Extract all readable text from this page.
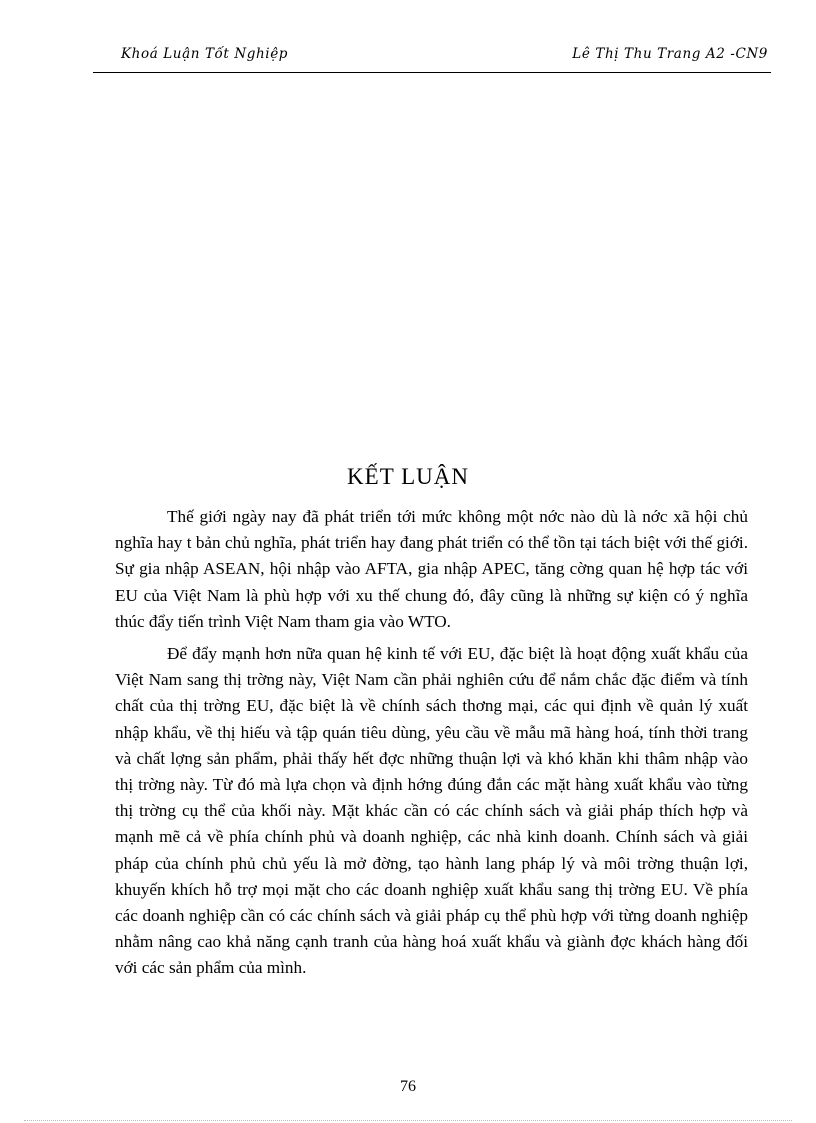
Khoá Luận Tốt Nghiệp	Lê Thị Thu Trang A2 -CN9
KẾT LUẬN

Thế giới ngày nay đã phát triển tới mức không một nớc nào dù là nớc xã hội chủ nghĩa hay t bản chủ nghĩa, phát triển hay đang phát triển có thể tồn tại tách biệt với thế giới. Sự gia nhập ASEAN, hội nhập vào AFTA, gia nhập APEC, tăng cờng quan hệ hợp tác với EU của Việt Nam là phù hợp với xu thế chung đó, đây cũng là những sự kiện có ý nghĩa thúc đẩy tiến trình Việt Nam tham gia vào WTO.

Để đẩy mạnh hơn nữa quan hệ kinh tế với EU, đặc biệt là hoạt động xuất khẩu của Việt Nam sang thị trờng này, Việt Nam cần phải nghiên cứu để nắm chắc đặc điểm và tính chất của thị trờng EU, đặc biệt là về chính sách thơng mại, các qui định về quản lý xuất nhập khẩu, về thị hiếu và tập quán tiêu dùng, yêu cầu về mẫu mã hàng hoá, tính thời trang và chất lợng sản phẩm, phải thấy hết đợc những thuận lợi và khó khăn khi thâm nhập vào thị trờng này. Từ đó mà lựa chọn và định hớng đúng đắn các mặt hàng xuất khẩu vào từng thị trờng cụ thể của khối này. Mặt khác cần có các chính sách và giải pháp thích hợp và mạnh mẽ cả về phía chính phủ và doanh nghiệp, các nhà kinh doanh. Chính sách và giải pháp của chính phủ chủ yếu là mở đờng, tạo hành lang pháp lý và môi trờng thuận lợi, khuyến khích hỗ trợ mọi mặt cho các doanh nghiệp xuất khẩu sang thị trờng EU. Về phía các doanh nghiệp cần có các chính sách và giải pháp cụ thể phù hợp với từng doanh nghiệp nhằm nâng cao khả năng cạnh tranh của hàng hoá xuất khẩu và giành đợc khách hàng đối với các sản phẩm của mình.

76
